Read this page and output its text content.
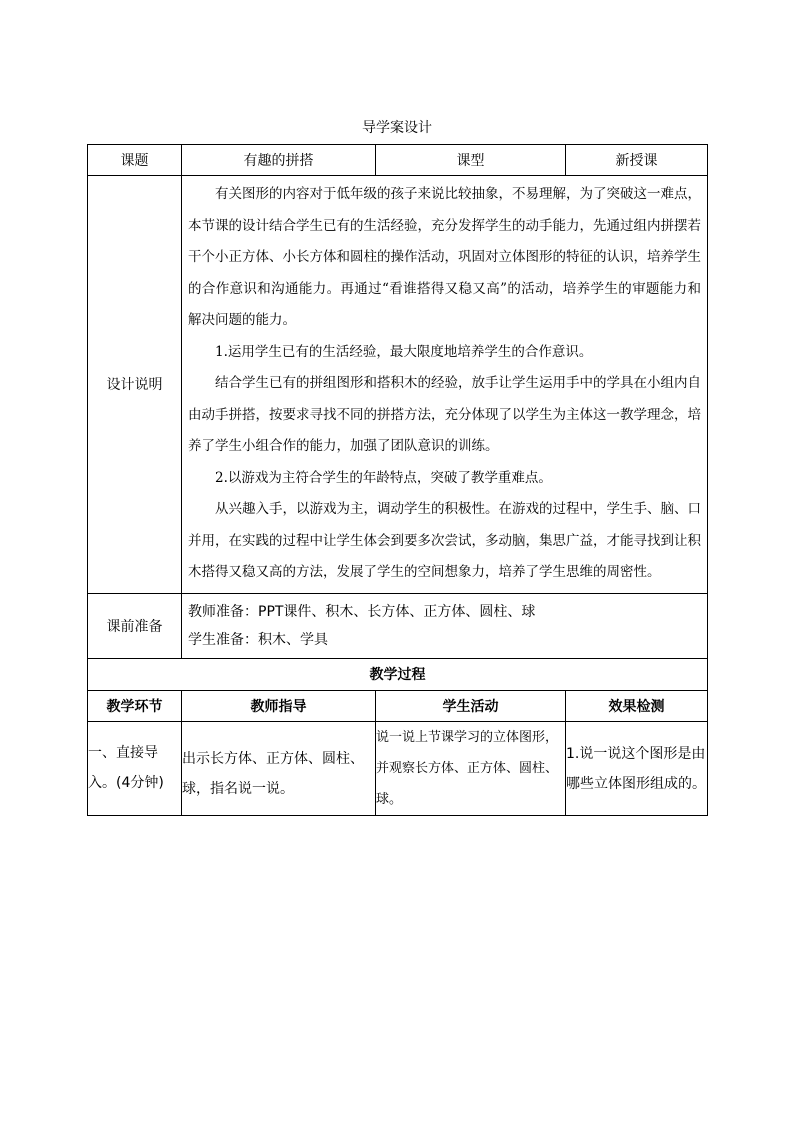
导学案设计
课题	有趣的拼搭	课型	新授课
设计说明	有关图形的内容对于低年级的孩子来说比较抽象，不易理解，为了突破这一难点，本节课的设计结合学生已有的生活经验，充分发挥学生的动手能力，先通过组内拼摆若干个小正方体、小长方体和圆柱的操作活动，巩固对立体图形的特征的认识，培养学生的合作意识和沟通能力。再通过“看谁搭得又稳又高”的活动，培养学生的审题能力和解决问题的能力。

1.运用学生已有的生活经验，最大限度地培养学生的合作意识。

结合学生已有的拼组图形和搭积木的经验，放手让学生运用手中的学具在小组内自由动手拼搭，按要求寻找不同的拼搭方法，充分体现了以学生为主体这一教学理念，培养了学生小组合作的能力，加强了团队意识的训练。

2.以游戏为主符合学生的年龄特点，突破了教学重难点。

从兴趣入手，以游戏为主，调动学生的积极性。在游戏的过程中，学生手、脑、口并用，在实践的过程中让学生体会到要多次尝试，多动脑，集思广益，才能寻找到让积木搭得又稳又高的方法，发展了学生的空间想象力，培养了学生思维的周密性。		

课前准备	教师准备：PPT课件、积木、长方体、正方体、圆柱、球
学生准备：积木、学具		

教学过程			
教学环节	教师指导	学生活动	效果检测
一、直接导入。(4分钟)	出示长方体、正方体、圆柱、球，指名说一说。	说一说上节课学习的立体图形，并观察长方体、正方体、圆柱、球。	1.说一说这个图形是由哪些立体图形组成的。
